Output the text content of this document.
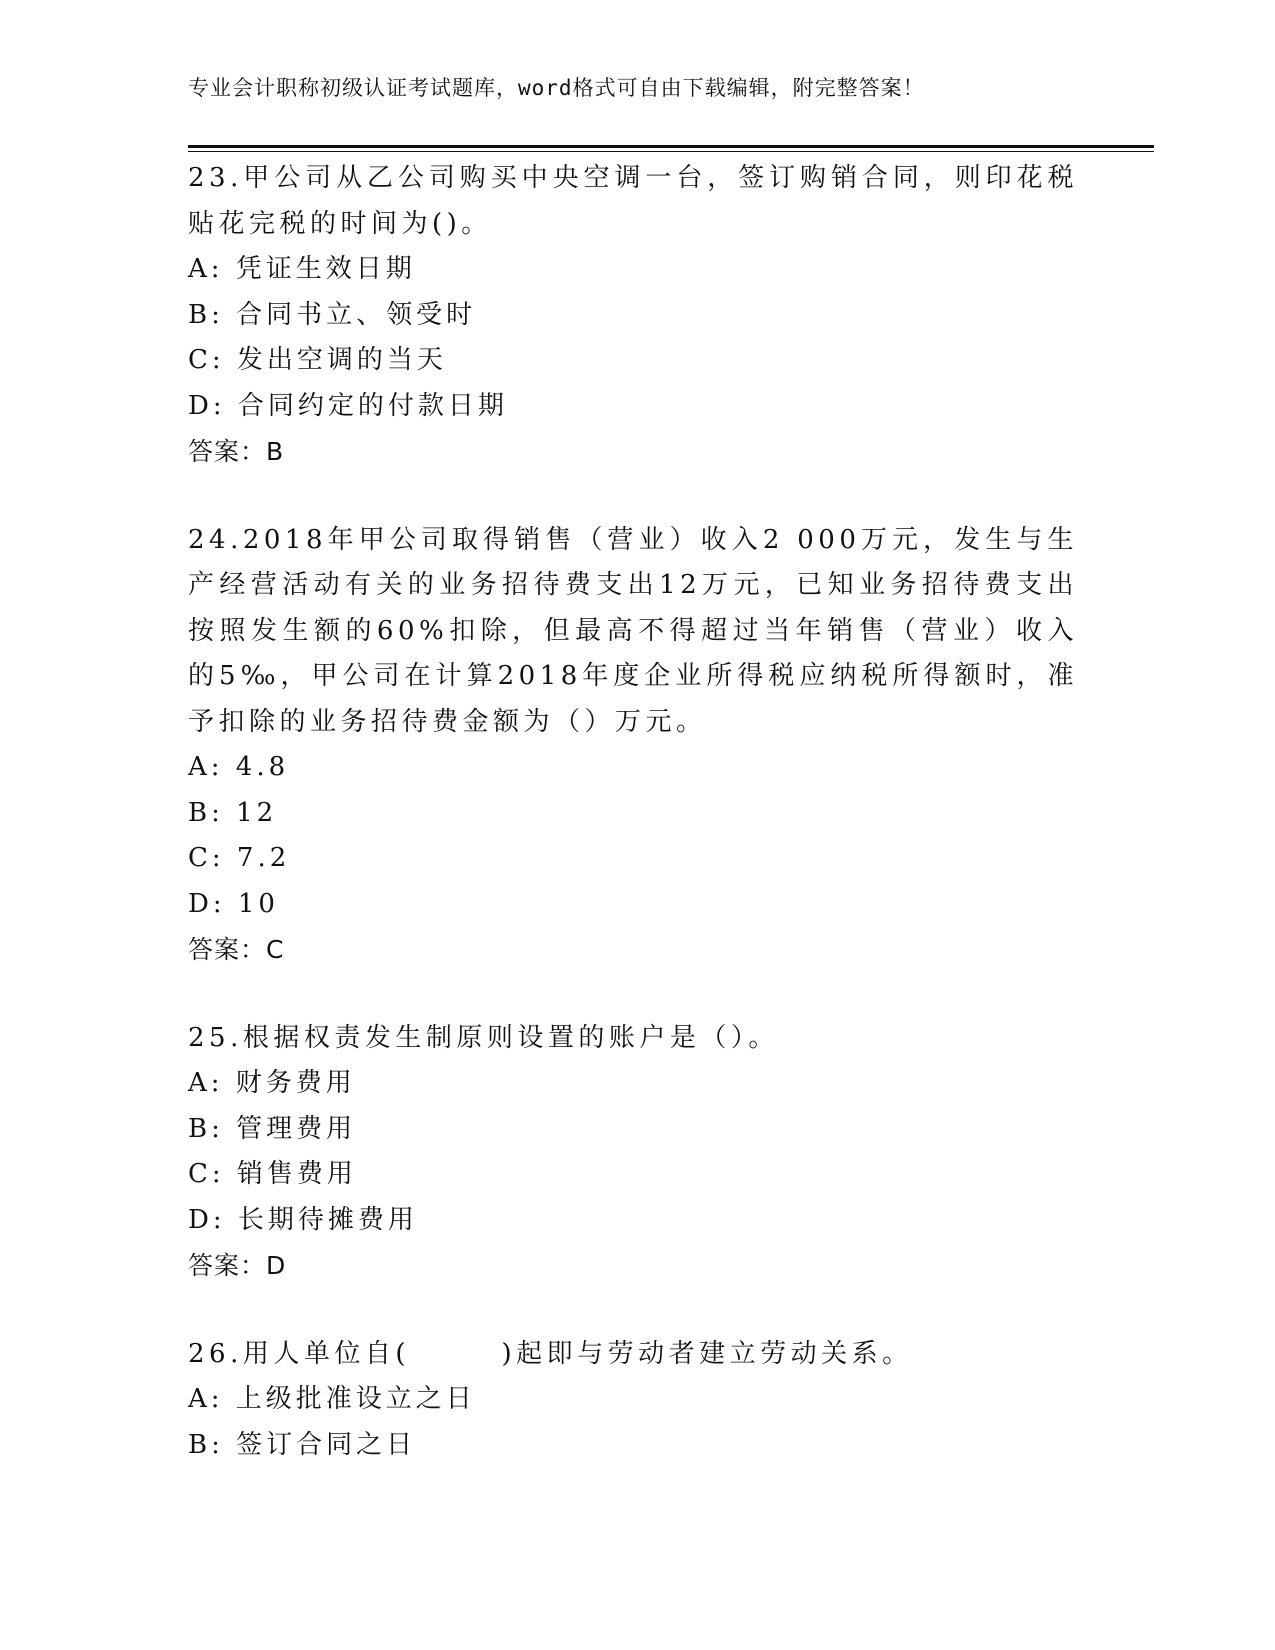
专业会计职称初级认证考试题库，word格式可自由下载编辑，附完整答案！
23.甲公司从乙公司购买中央空调一台，签订购销合同，则印花税贴花完税的时间为()。
A: 凭证生效日期
B: 合同书立、领受时
C: 发出空调的当天
D: 合同约定的付款日期
答案：B
24.2018年甲公司取得销售（营业）收入2 000万元，发生与生产经营活动有关的业务招待费支出12万元，已知业务招待费支出按照发生额的60%扣除，但最高不得超过当年销售（营业）收入的5‰，甲公司在计算2018年度企业所得税应纳税所得额时，准予扣除的业务招待费金额为（）万元。
A: 4.8
B: 12
C: 7.2
D: 10
答案：C
25.根据权责发生制原则设置的账户是（）。
A: 财务费用
B: 管理费用
C: 销售费用
D: 长期待摊费用
答案：D
26.用人单位自(　　　)起即与劳动者建立劳动关系。
A: 上级批准设立之日
B: 签订合同之日
